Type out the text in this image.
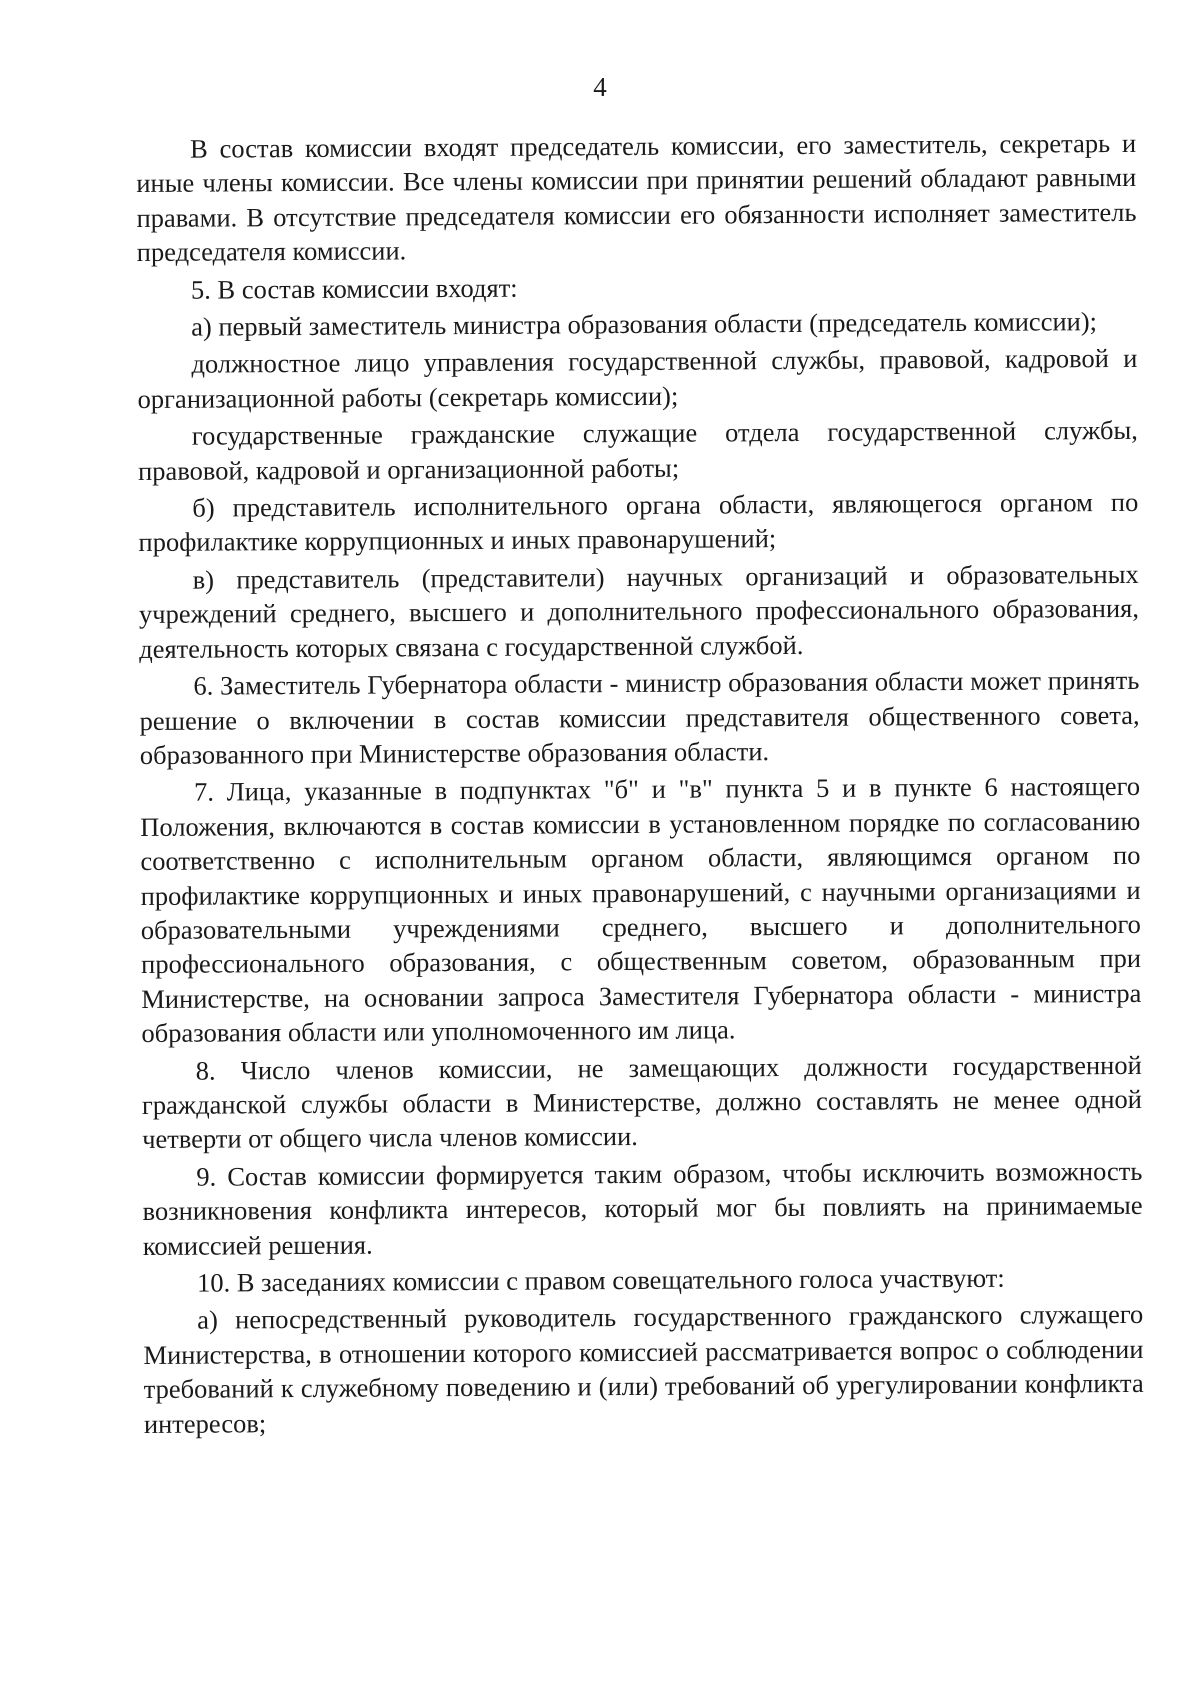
4

В состав комиссии входят председатель комиссии, его заместитель, секретарь и иные члены комиссии. Все члены комиссии при принятии решений обладают равными правами. В отсутствие председателя комиссии его обязанности исполняет заместитель председателя комиссии.

5. В состав комиссии входят:

а) первый заместитель министра образования области (председатель комиссии);

должностное лицо управления государственной службы, правовой, кадровой и организационной работы (секретарь комиссии);

государственные гражданские служащие отдела государственной службы, правовой, кадровой и организационной работы;

б) представитель исполнительного органа области, являющегося органом по профилактике коррупционных и иных правонарушений;

в) представитель (представители) научных организаций и образовательных учреждений среднего, высшего и дополнительного профессионального образования, деятельность которых связана с государственной службой.

6. Заместитель Губернатора области - министр образования области может принять решение о включении в состав комиссии представителя общественного совета, образованного при Министерстве образования области.

7. Лица, указанные в подпунктах "б" и "в" пункта 5 и в пункте 6 настоящего Положения, включаются в состав комиссии в установленном порядке по согласованию соответственно с исполнительным органом области, являющимся органом по профилактике коррупционных и иных правонарушений, с научными организациями и образовательными учреждениями среднего, высшего и дополнительного профессионального образования, с общественным советом, образованным при Министерстве, на основании запроса Заместителя Губернатора области - министра образования области или уполномоченного им лица.

8. Число членов комиссии, не замещающих должности государственной гражданской службы области в Министерстве, должно составлять не менее одной четверти от общего числа членов комиссии.

9. Состав комиссии формируется таким образом, чтобы исключить возможность возникновения конфликта интересов, который мог бы повлиять на принимаемые комиссией решения.

10. В заседаниях комиссии с правом совещательного голоса участвуют:

а) непосредственный руководитель государственного гражданского служащего Министерства, в отношении которого комиссией рассматривается вопрос о соблюдении требований к служебному поведению и (или) требований об урегулировании конфликта интересов;
